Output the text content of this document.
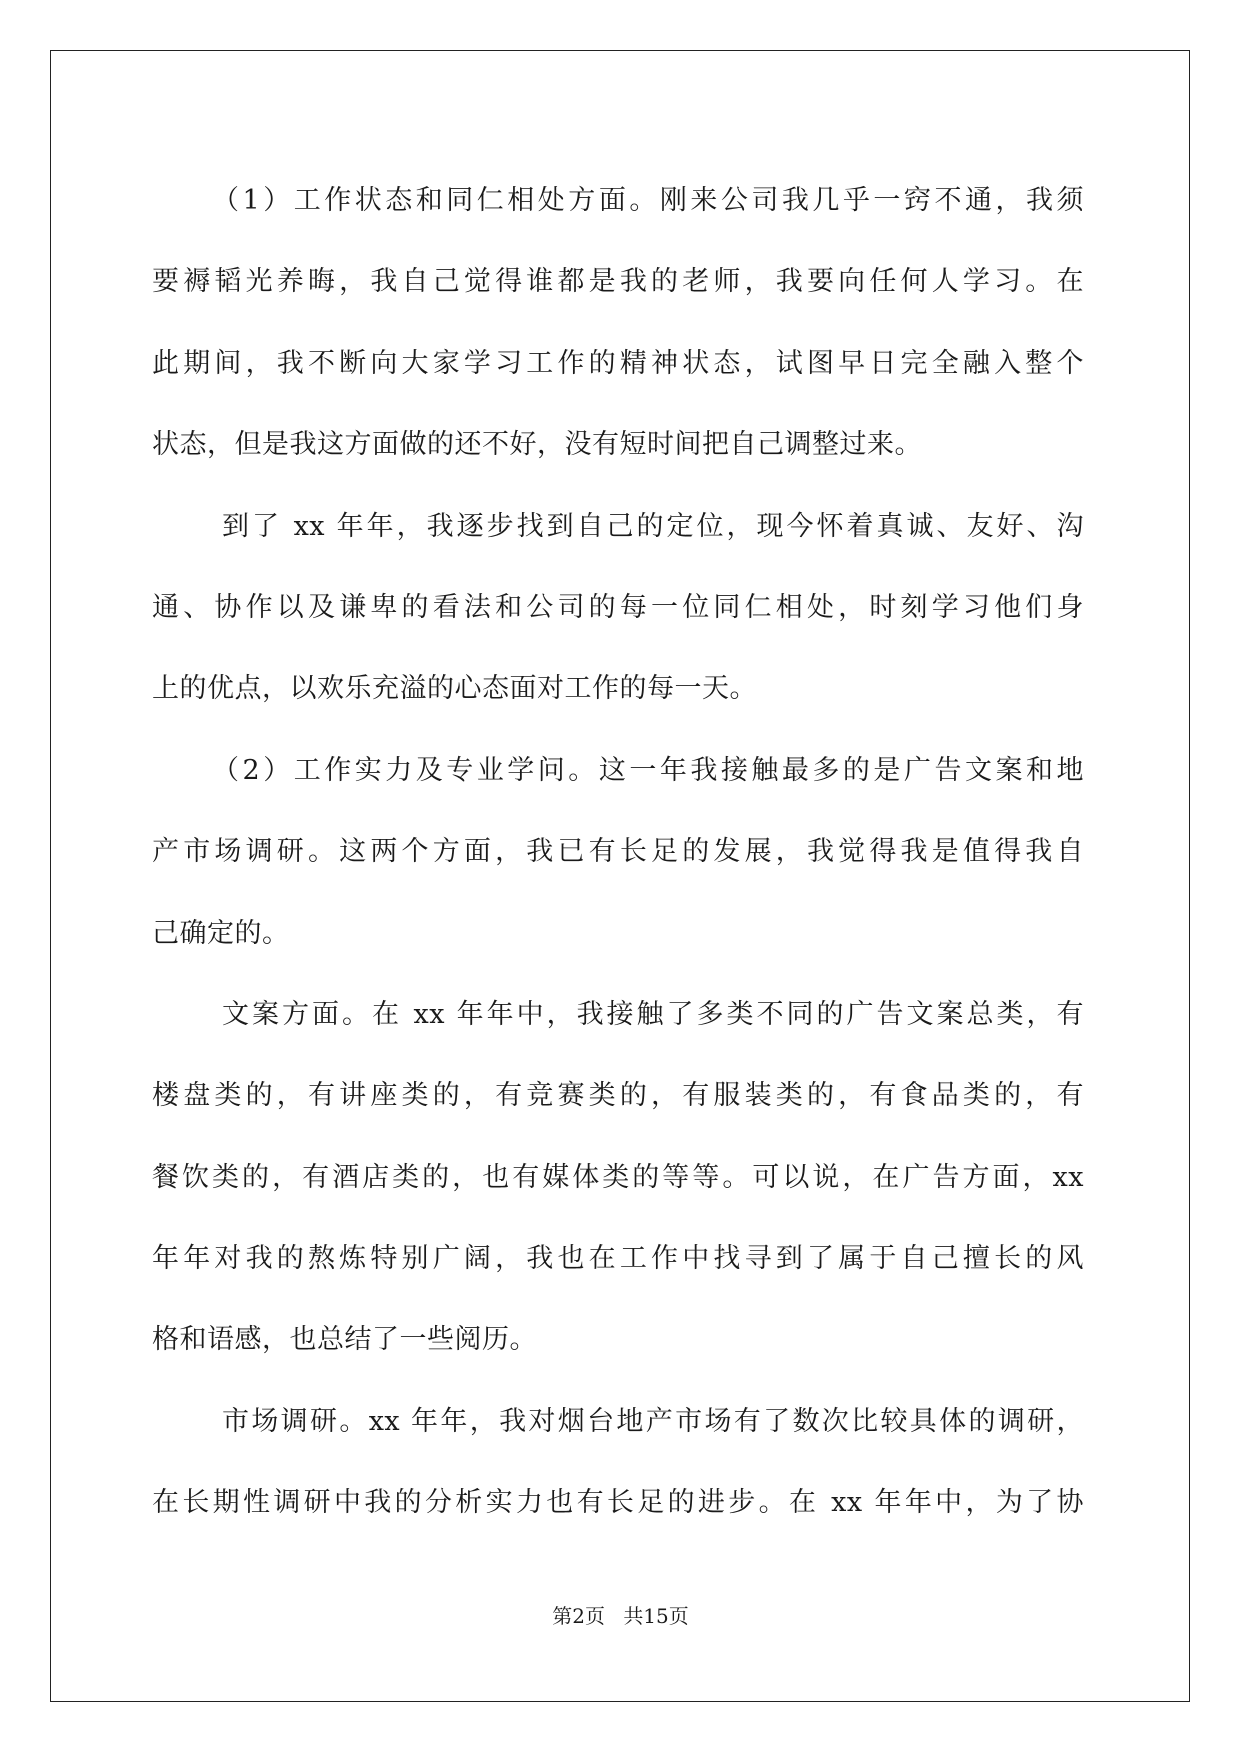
（1）工作状态和同仁相处方面。刚来公司我几乎一窍不通，我须
要褥韬光养晦，我自己觉得谁都是我的老师，我要向任何人学习。在
此期间，我不断向大家学习工作的精神状态，试图早日完全融入整个
状态，但是我这方面做的还不好，没有短时间把自己调整过来。
到了 xx 年年，我逐步找到自己的定位，现今怀着真诚、友好、沟
通、协作以及谦卑的看法和公司的每一位同仁相处，时刻学习他们身
上的优点，以欢乐充溢的心态面对工作的每一天。
（2）工作实力及专业学问。这一年我接触最多的是广告文案和地
产市场调研。这两个方面，我已有长足的发展，我觉得我是值得我自
己确定的。
文案方面。在 xx 年年中，我接触了多类不同的广告文案总类，有
楼盘类的，有讲座类的，有竞赛类的，有服装类的，有食品类的，有
餐饮类的，有酒店类的，也有媒体类的等等。可以说，在广告方面，xx
年年对我的熬炼特别广阔，我也在工作中找寻到了属于自己擅长的风
格和语感，也总结了一些阅历。
市场调研。xx 年年，我对烟台地产市场有了数次比较具体的调研，
在长期性调研中我的分析实力也有长足的进步。在 xx 年年中，为了协
第2页 共15页
